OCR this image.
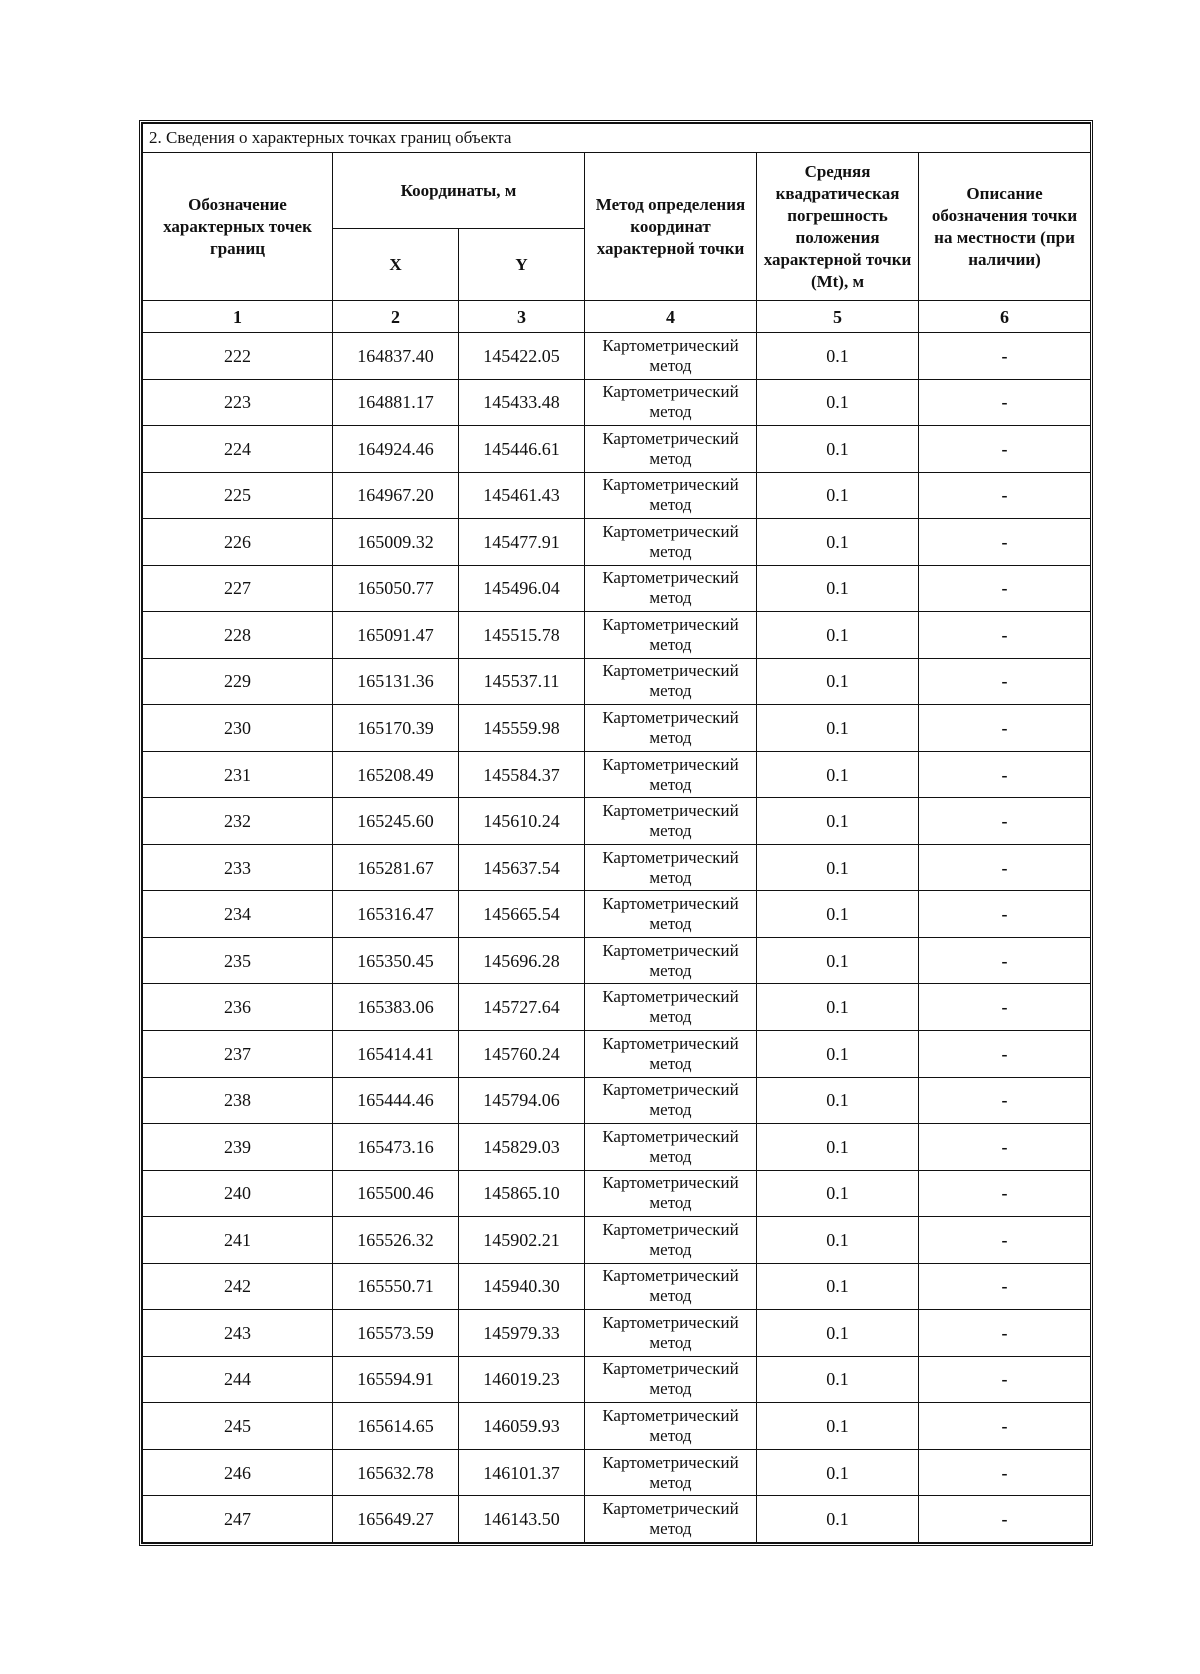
2. Сведения о характерных точках границ объекта					
Обозначение характерных точек границ	Координаты, м		Метод определения координат характерной точки	Средняя квадратическая погрешность положения характерной точки (Mt), м	Описание обозначения точки на местности (при наличии)
	X	Y			
1	2	3	4	5	6
222	164837.40	145422.05	Картометрический метод	0.1	-
223	164881.17	145433.48	Картометрический метод	0.1	-
224	164924.46	145446.61	Картометрический метод	0.1	-
225	164967.20	145461.43	Картометрический метод	0.1	-
226	165009.32	145477.91	Картометрический метод	0.1	-
227	165050.77	145496.04	Картометрический метод	0.1	-
228	165091.47	145515.78	Картометрический метод	0.1	-
229	165131.36	145537.11	Картометрический метод	0.1	-
230	165170.39	145559.98	Картометрический метод	0.1	-
231	165208.49	145584.37	Картометрический метод	0.1	-
232	165245.60	145610.24	Картометрический метод	0.1	-
233	165281.67	145637.54	Картометрический метод	0.1	-
234	165316.47	145665.54	Картометрический метод	0.1	-
235	165350.45	145696.28	Картометрический метод	0.1	-
236	165383.06	145727.64	Картометрический метод	0.1	-
237	165414.41	145760.24	Картометрический метод	0.1	-
238	165444.46	145794.06	Картометрический метод	0.1	-
239	165473.16	145829.03	Картометрический метод	0.1	-
240	165500.46	145865.10	Картометрический метод	0.1	-
241	165526.32	145902.21	Картометрический метод	0.1	-
242	165550.71	145940.30	Картометрический метод	0.1	-
243	165573.59	145979.33	Картометрический метод	0.1	-
244	165594.91	146019.23	Картометрический метод	0.1	-
245	165614.65	146059.93	Картометрический метод	0.1	-
246	165632.78	146101.37	Картометрический метод	0.1	-
247	165649.27	146143.50	Картометрический метод	0.1	-
